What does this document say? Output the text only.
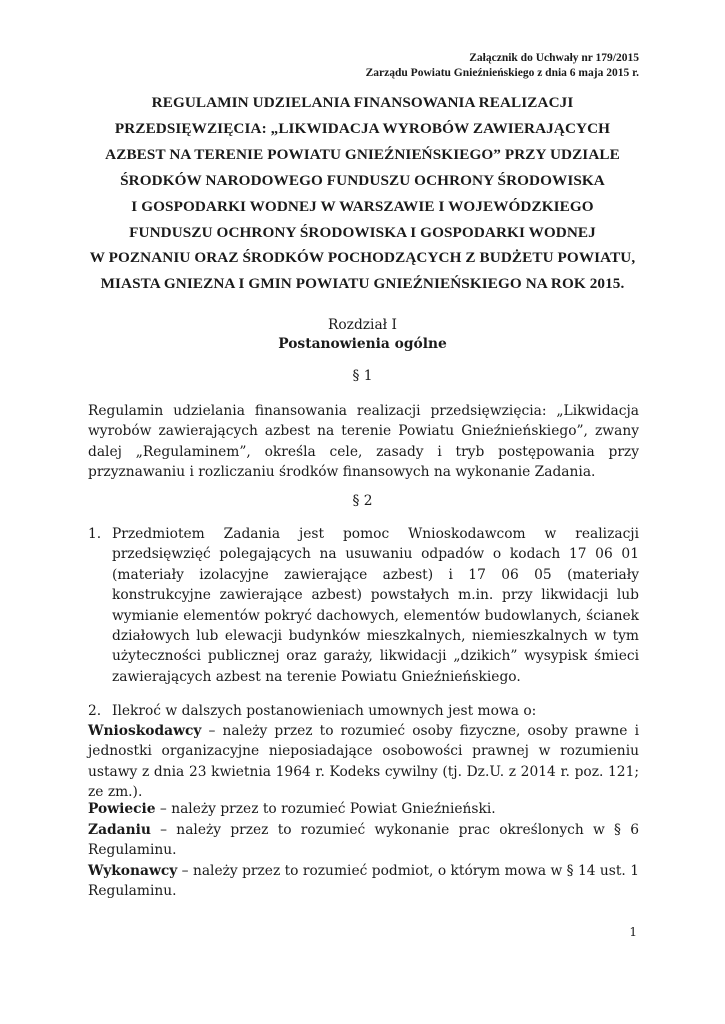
Załącznik do Uchwały nr 179/2015
Zarządu Powiatu Gnieźnieńskiego z dnia 6 maja 2015 r.
REGULAMIN UDZIELANIA FINANSOWANIA REALIZACJI
PRZEDSIĘWZIĘCIA: „LIKWIDACJA WYROBÓW ZAWIERAJĄCYCH
AZBEST NA TERENIE POWIATU GNIEŹNIEŃSKIEGO” PRZY UDZIALE
ŚRODKÓW NARODOWEGO FUNDUSZU OCHRONY ŚRODOWISKA
I GOSPODARKI WODNEJ W WARSZAWIE I WOJEWÓDZKIEGO
FUNDUSZU OCHRONY ŚRODOWISKA I GOSPODARKI WODNEJ
W POZNANIU ORAZ ŚRODKÓW POCHODZĄCYCH Z BUDŻETU POWIATU,
MIASTA GNIEZNA I GMIN POWIATU GNIEŹNIEŃSKIEGO NA ROK 2015.
Rozdział I
Postanowienia ogólne
§ 1
Regulamin udzielania finansowania realizacji przedsięwzięcia: „Likwidacja wyrobów zawierających azbest na terenie Powiatu Gnieźnieńskiego”, zwany dalej „Regulaminem”, określa cele, zasady i tryb postępowania przy przyznawaniu i rozliczaniu środków finansowych na wykonanie Zadania.
§ 2
1. Przedmiotem Zadania jest pomoc Wnioskodawcom w realizacji przedsięwzięć polegających na usuwaniu odpadów o kodach 17 06 01 (materiały izolacyjne zawierające azbest) i 17 06 05 (materiały konstrukcyjne zawierające azbest) powstałych m.in. przy likwidacji lub wymianie elementów pokryć dachowych, elementów budowlanych, ścianek działowych lub elewacji budynków mieszkalnych, niemieszkalnych w tym użyteczności publicznej oraz garaży, likwidacji „dzikich” wysypisk śmieci zawierających azbest na terenie Powiatu Gnieźnieńskiego.
2. Ilekroć w dalszych postanowieniach umownych jest mowa o:
Wnioskodawcy – należy przez to rozumieć osoby fizyczne, osoby prawne i jednostki organizacyjne nieposiadające osobowości prawnej w rozumieniu ustawy z dnia 23 kwietnia 1964 r. Kodeks cywilny (tj. Dz.U. z 2014 r. poz. 121; ze zm.).
Powiecie – należy przez to rozumieć Powiat Gnieźnieński.
Zadaniu – należy przez to rozumieć wykonanie prac określonych w § 6 Regulaminu.
Wykonawcy – należy przez to rozumieć podmiot, o którym mowa w § 14 ust. 1 Regulaminu.
1
